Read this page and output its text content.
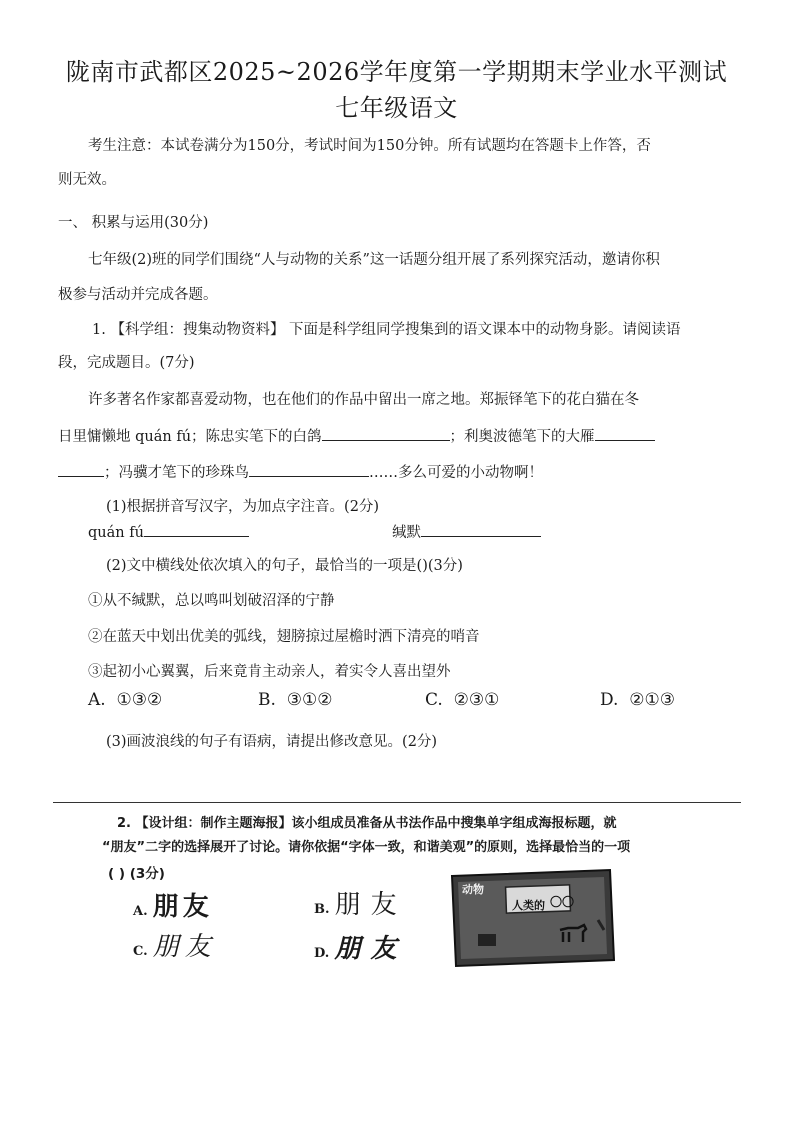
陇南市武都区2025~2026学年度第一学期期末学业水平测试
七年级语文
考生注意：本试卷满分为150分，考试时间为150分钟。所有试题均在答题卡上作答，否
则无效。
一、 积累与运用(30分)
七年级(2)班的同学们围绕“人与动物的关系”这一话题分组开展了系列探究活动，邀请你积
极参与活动并完成各题。
1. 【科学组：搜集动物资料】 下面是科学组同学搜集到的语文课本中的动物身影。请阅读语
段，完成题目。(7分)
许多著名作家都喜爱动物，也在他们的作品中留出一席之地。郑振铎笔下的花白猫在冬
日里慵懒地 quán fú；陈忠实笔下的白鸽	；利奥波德笔下的大雁
；冯骥才笔下的珍珠鸟	……多么可爱的小动物啊！
(1)根据拼音写汉字，为加点字注音。(2分)
quán fú	缄默
(2)文中横线处依次填入的句子，最恰当的一项是()(3分)
①从不缄默，总以鸣叫划破沼泽的宁静
②在蓝天中划出优美的弧线，翅膀掠过屋檐时洒下清亮的哨音
③起初小心翼翼，后来竟肯主动亲人，着实令人喜出望外
A. ①③②	B. ③①②	C. ②③①	D. ②①③
(3)画波浪线的句子有语病，请提出修改意见。(2分)
2. 【设计组：制作主题海报】该小组成员准备从书法作品中搜集单字组成海报标题，就
“朋友”二字的选择展开了讨论。请你依据“字体一致，和谐美观”的原则，选择最恰当的一项
( ) (3分)
A. 朋友	B. 朋友
C. 朋友	D. 朋友
动物
人类的 〇〇
